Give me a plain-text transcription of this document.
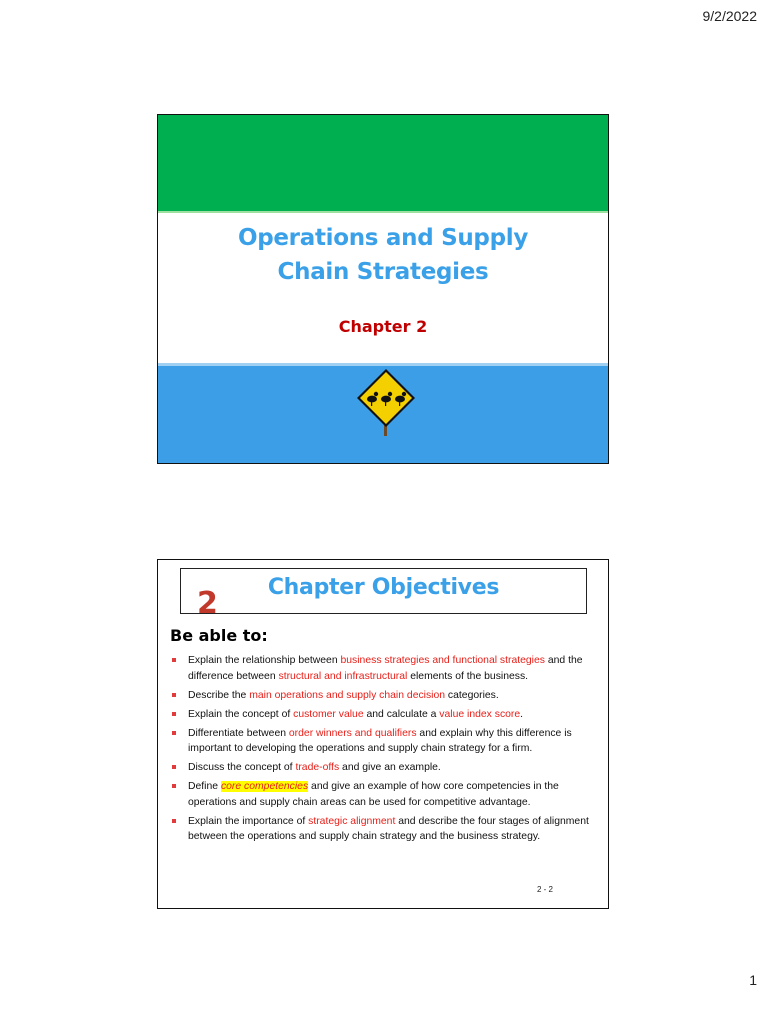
9/2/2022
Operations and Supply Chain Strategies
Chapter 2
Chapter Objectives
2
Be able to:
Explain the relationship between business strategies and functional strategies and the difference between structural and infrastructural elements of the business.
Describe the main operations and supply chain decision categories.
Explain the concept of customer value and calculate a value index score.
Differentiate between order winners and qualifiers and explain why this difference is important to developing the operations and supply chain strategy for a firm.
Discuss the concept of trade-offs and give an example.
Define core competencies and give an example of how core competencies in the operations and supply chain areas can be used for competitive advantage.
Explain the importance of strategic alignment and describe the four stages of alignment between the operations and supply chain strategy and the business strategy.
2 - 2
1
